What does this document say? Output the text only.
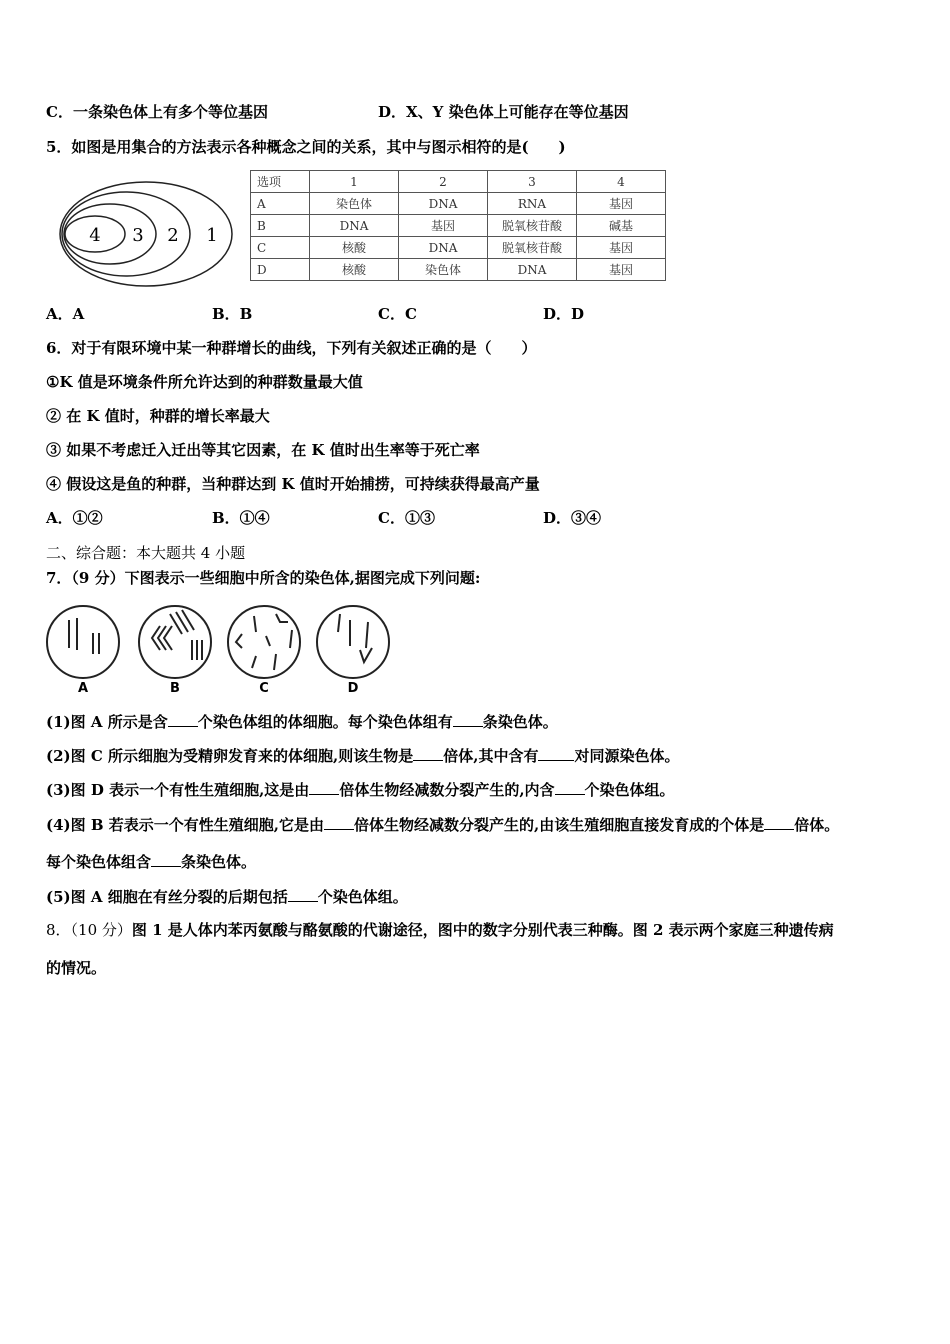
C．一条染色体上有多个等位基因	D．X、Y 染色体上可能存在等位基因
5．如图是用集合的方法表示各种概念之间的关系，其中与图示相符的是(　　)
4 3 2 1
选项	1	2	3	4
A	染色体	DNA	RNA	基因
B	DNA	基因	脱氧核苷酸	碱基
C	核酸	DNA	脱氧核苷酸	基因
D	核酸	染色体	DNA	基因
A．A	B．B	C．C	D．D
6．对于有限环境中某一种群增长的曲线，下列有关叙述正确的是（　　）
①K 值是环境条件所允许达到的种群数量最大值
② 在 K 值时，种群的增长率最大
③ 如果不考虑迁入迁出等其它因素，在 K 值时出生率等于死亡率
④ 假设这是鱼的种群，当种群达到 K 值时开始捕捞，可持续获得最高产量
A．①②	B．①④	C．①③	D．③④
二、综合题：本大题共 4 小题
7．（9 分）下图表示一些细胞中所含的染色体,据图完成下列问题:
A	B	C	D
(1)图 A 所示是含 个染色体组的体细胞。每个染色体组有 条染色体。
(2)图 C 所示细胞为受精卵发育来的体细胞,则该生物是 倍体,其中含有 对同源染色体。
(3)图 D 表示一个有性生殖细胞,这是由 倍体生物经减数分裂产生的,内含 个染色体组。
(4)图 B 若表示一个有性生殖细胞,它是由 倍体生物经减数分裂产生的,由该生殖细胞直接发育成的个体是 倍体。
每个染色体组含 条染色体。
(5)图 A 细胞在有丝分裂的后期包括 个染色体组。
8．（10 分）图 1 是人体内苯丙氨酸与酪氨酸的代谢途径，图中的数字分别代表三种酶。图 2 表示两个家庭三种遗传病
的情况。
